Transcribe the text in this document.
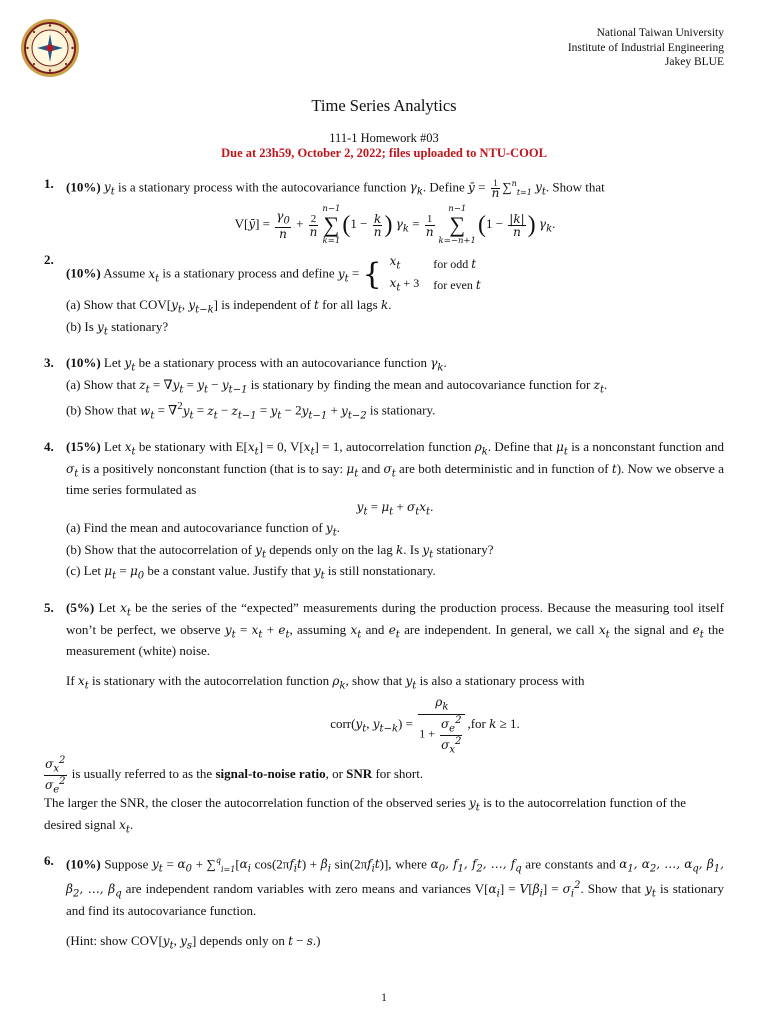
National Taiwan University
Institute of Industrial Engineering
Jakey BLUE
Time Series Analytics
111-1 Homework #03
Due at 23h59, October 2, 2022; files uploaded to NTU-COOL
1. (10%) $y_t$ is a stationary process with the autocovariance function $\gamma_k$. Define ȳ = $\frac{1}{n} \sum^n_{t=1}$ $y_t$. Show that
V[ȳ] = $\frac{\gamma_0}{n} + \frac{2}{n}$
n−1
∑
k=1
($1 - \frac{k}{n}$ ) $\gamma_k = \frac{1}{n}$
n−1
∑
k=−n+1
($1 - \frac{|k|}{n}$ ) $\gamma_k$.
2.
(10%) Assume $x_t$ is a stationary process and define $y_t$ = { $x_t$	for odd t
$x_t + 3$	for even t
(a) Show that $COV[y_t$, $y_{t-k}$] is independent of t for all lags k.
(b) Is $y_t$ stationary?
3. (10%) Let $y_t$ be a stationary process with an autocovariance function $\gamma_k$.
(a) Show that $z_t = \nabla y_t = y_t - y_{t-1}$ is stationary by finding the mean and autocovariance function for $z_t$.
(b) Show that $w_t = \nabla^2y_t = z_t - z_{t-1} = y_t - 2y_{t-1} + y_{t-2}$ is stationary.
4. (15%) Let $x_t$ be stationary with $E[x_t] = 0$, $V[x_t] = 1$, autocorrelation function $\rho_k$. Define that $\mu_t$ is a nonconstant function and $\sigma_t$ is a positively nonconstant function (that is to say: $\mu_t$ and $\sigma_t$ are both deterministic and in function of t). Now we observe a time series formulated as
$y_t = \mu_t + \sigma_tx_t$.
(a) Find the mean and autocovariance function of $y_t$.
(b) Show that the autocorrelation of $y_t$ depends only on the lag k. Is $y_t$ stationary?
(c) Let $\mu_t = \mu_0$ be a constant value. Justify that $y_t$ is still nonstationary.
5. (5%) Let $x_t$ be the series of the “expected” measurements during the production process. Because the measuring tool itself won’t be perfect, we observe $y_t = x_t + e_t$, assuming $x_t$ and $e_t$ are independent. In general, we call $x_t$ the signal and $e_t$ the measurement (white) noise.
If $x_t$ is stationary with the autocorrelation function $\rho_k$, show that $y_t$ is also a stationary process with
$corr(y_t$, $y_{t-k}) = \frac{\rho_k}{1 + \frac{\sigma_e^2}{\sigma_x^2}} ,for$ k ≥ 1.
$\frac{\sigma_x^2}{\sigma_e^2}$ is usually referred to as the signal-to-noise ratio, or SNR for short.
The larger the SNR, the closer the autocorrelation function of the observed series $y_t$ is to the autocorrelation function of the desired signal $x_t$.
6. (10%) Suppose $y_t = \alpha_0 + \sum^q_{i=1}[\alpha_i$ $\cos(2\pi f_it) + \beta_i$ $\sin(2\pi f_it)$], where $\alpha_0$, $f_1$, $f_2$, …, $f_q$ are constants and $\alpha_1$, $\alpha_2$, …, $\alpha_q$, $\beta_1$, $\beta_2$, …, $\beta_q$ are independent random variables with zero means and variances $V[\alpha_i] = V[\beta_i] = \sigma_i^2$. Show that $y_t$ is stationary and find its autocovariance function.
(Hint: show $COV[y_t$, $y_s$] depends only on t − s.)
1
